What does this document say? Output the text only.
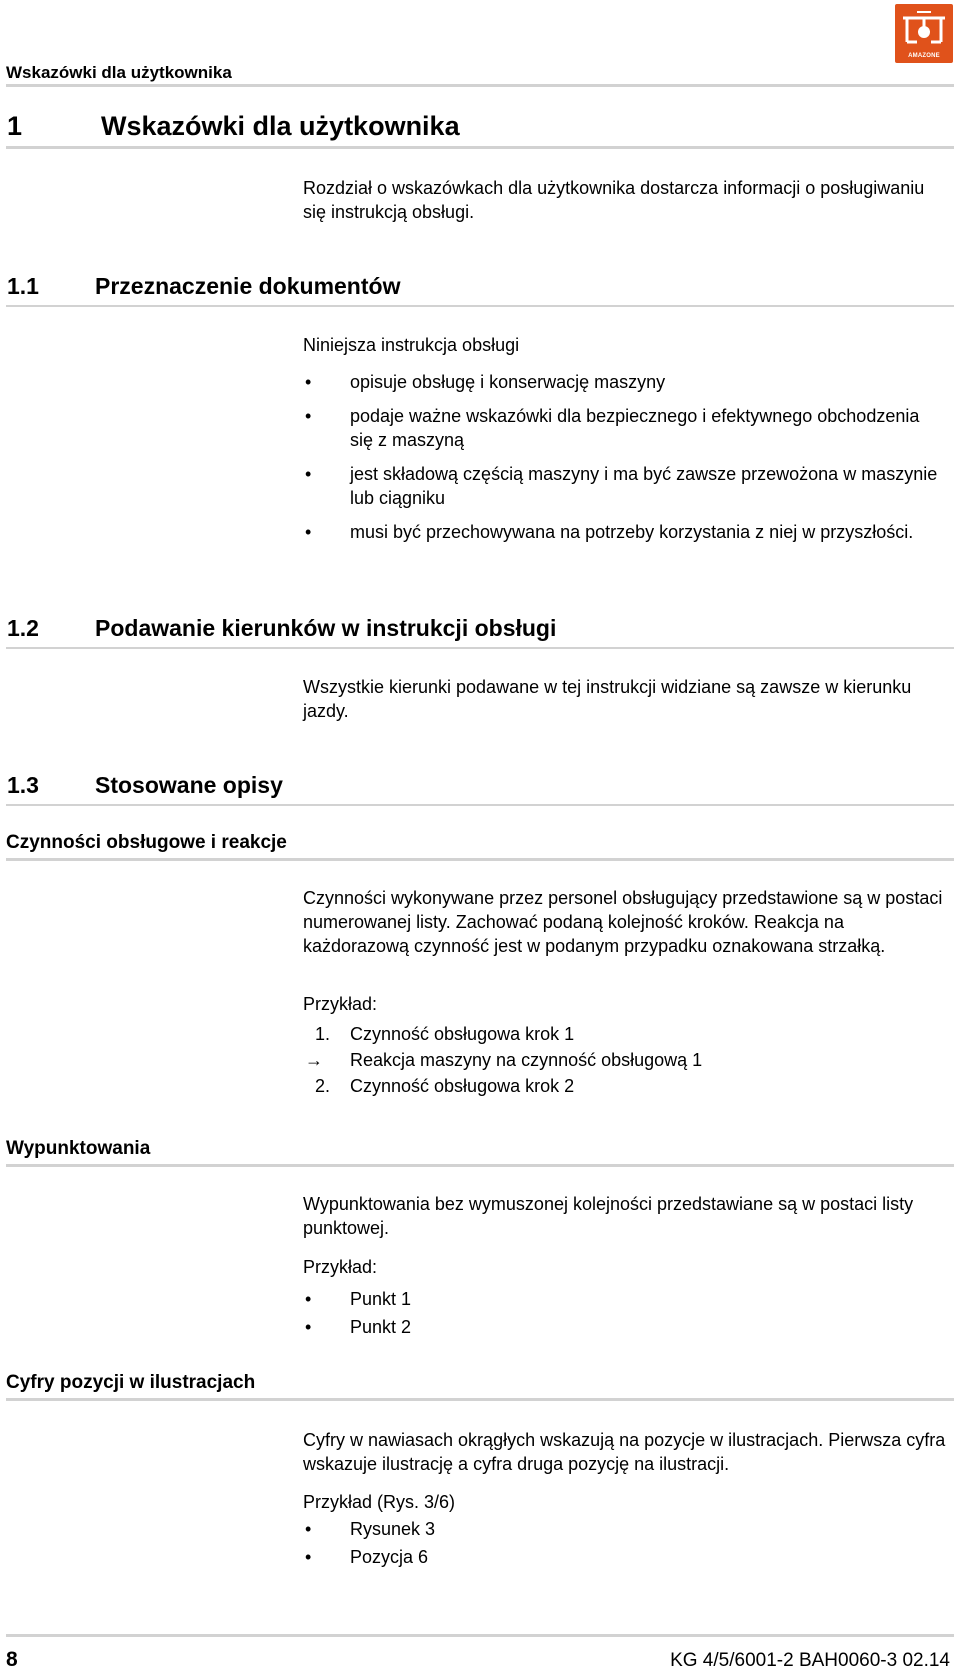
Wskazówki dla użytkownika
AMAZONE
1	Wskazówki dla użytkownika
Rozdział o wskazówkach dla użytkownika dostarcza informacji o posługiwaniu się instrukcją obsługi.
1.1 Przeznaczenie dokumentów
Niniejsza instrukcja obsługi
• opisuje obsługę i konserwację maszyny
• podaje ważne wskazówki dla bezpiecznego i efektywnego obchodzenia się z maszyną
• jest składową częścią maszyny i ma być zawsze przewożona w maszynie lub ciągniku
• musi być przechowywana na potrzeby korzystania z niej w przyszłości.
1.2 Podawanie kierunków w instrukcji obsługi
Wszystkie kierunki podawane w tej instrukcji widziane są zawsze w kierunku jazdy.
1.3 Stosowane opisy
Czynności obsługowe i reakcje
Czynności wykonywane przez personel obsługujący przedstawione są w postaci numerowanej listy. Zachować podaną kolejność kroków. Reakcja na każdorazową czynność jest w podanym przypadku oznakowana strzałką.
Przykład:
1. Czynność obsługowa krok 1
→ Reakcja maszyny na czynność obsługową 1
2. Czynność obsługowa krok 2
Wypunktowania
Wypunktowania bez wymuszonej kolejności przedstawiane są w postaci listy punktowej.
Przykład:
• Punkt 1
• Punkt 2
Cyfry pozycji w ilustracjach
Cyfry w nawiasach okrągłych wskazują na pozycje w ilustracjach. Pierwsza cyfra wskazuje ilustrację a cyfra druga pozycję na ilustracji.
Przykład (Rys. 3/6)
• Rysunek 3
• Pozycja 6
8	KG 4/5/6001-2 BAH0060-3 02.14
